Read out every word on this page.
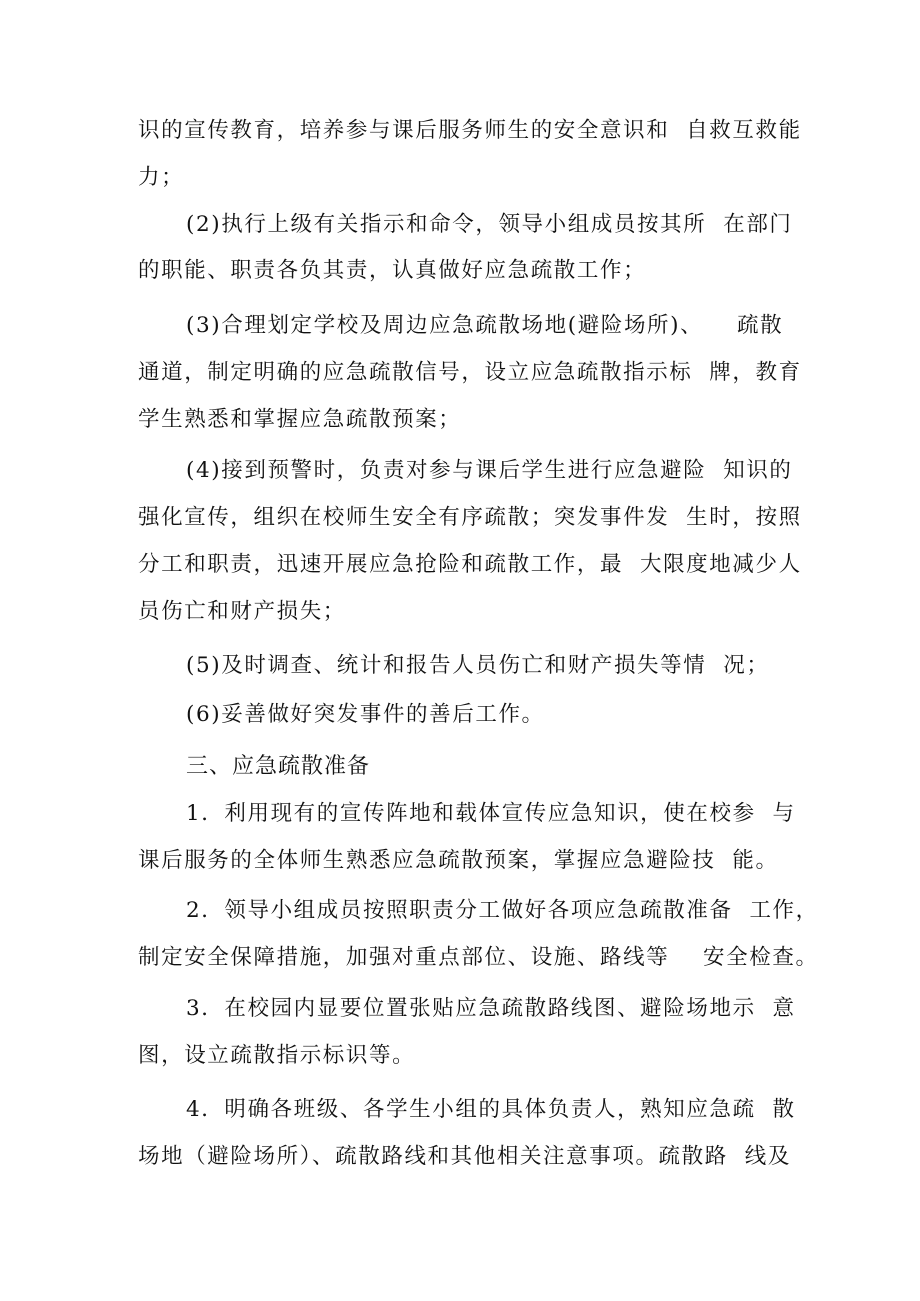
识的宣传教育，培养参与课后服务师生的安全意识和  自救互救能
力；
(2)执行上级有关指示和命令，领导小组成员按其所  在部门
的职能、职责各负其责，认真做好应急疏散工作；
(3)合理划定学校及周边应急疏散场地(避险场所)、    疏散
通道，制定明确的应急疏散信号，设立应急疏散指示标  牌，教育
学生熟悉和掌握应急疏散预案；
(4)接到预警时，负责对参与课后学生进行应急避险  知识的
强化宣传，组织在校师生安全有序疏散；突发事件发  生时，按照
分工和职责，迅速开展应急抢险和疏散工作，最  大限度地减少人
员伤亡和财产损失；
(5)及时调查、统计和报告人员伤亡和财产损失等情  况；
(6)妥善做好突发事件的善后工作。
三、应急疏散准备
1．利用现有的宣传阵地和载体宣传应急知识，使在校参  与
课后服务的全体师生熟悉应急疏散预案，掌握应急避险技  能。
2．领导小组成员按照职责分工做好各项应急疏散准备  工作，
制定安全保障措施，加强对重点部位、设施、路线等    安全检查。
3．在校园内显要位置张贴应急疏散路线图、避险场地示  意
图，设立疏散指示标识等。
4．明确各班级、各学生小组的具体负责人，熟知应急疏  散
场地（避险场所）、疏散路线和其他相关注意事项。疏散路  线及
